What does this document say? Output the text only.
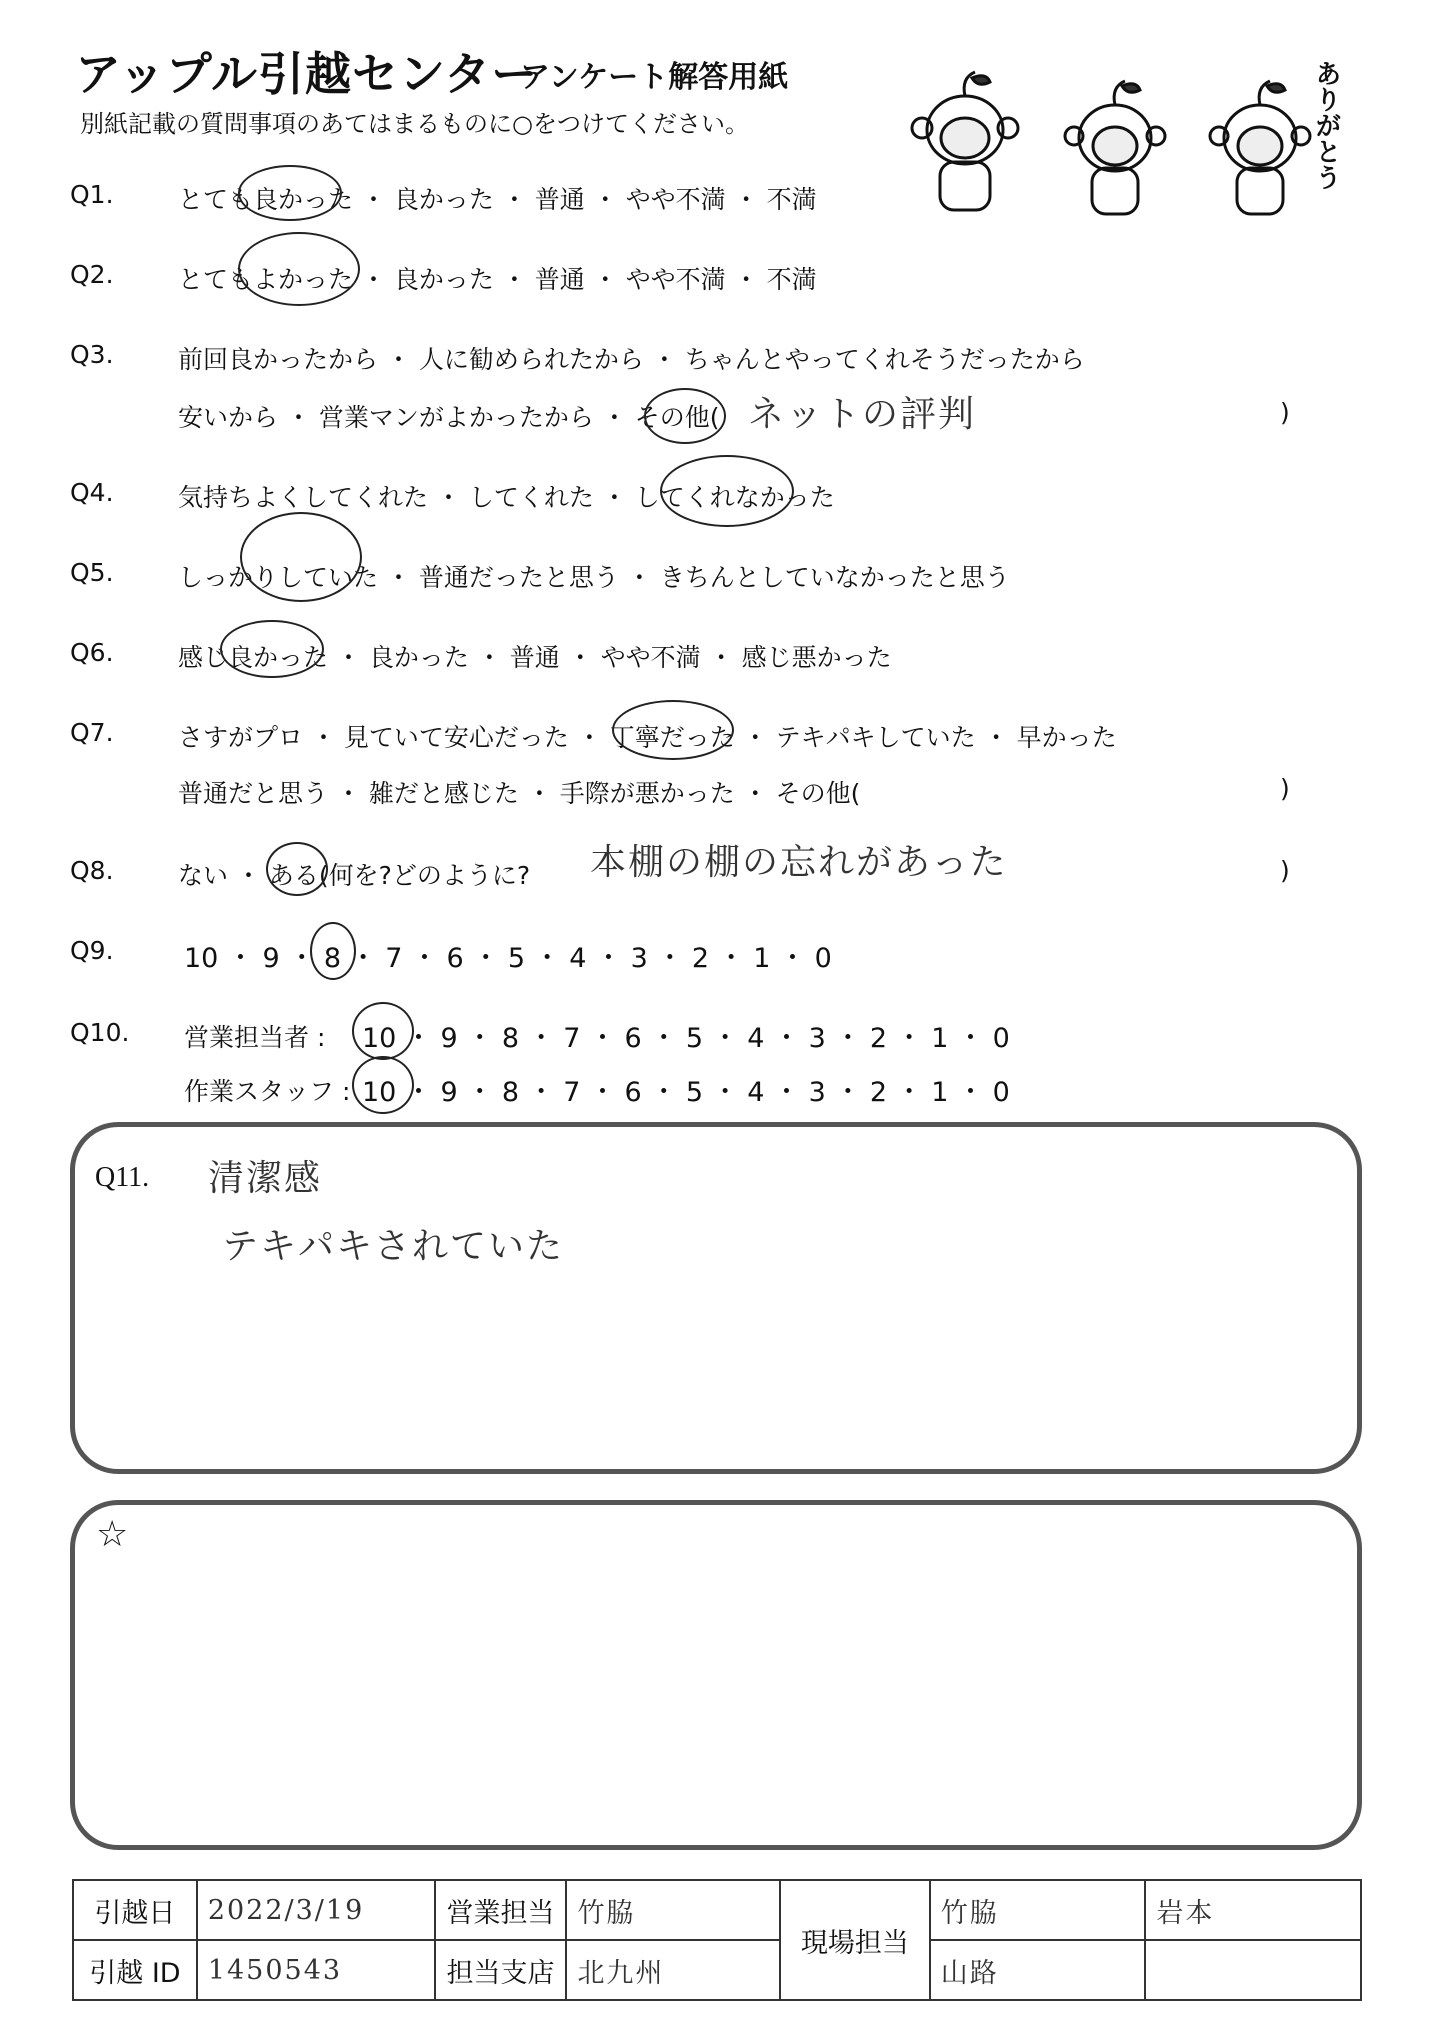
アップル引越センター
アンケート解答用紙
別紙記載の質問事項のあてはまるものに○をつけてください。	ありがとう
Q1.	とても良かった ・ 良かった ・ 普通 ・ やや不満 ・ 不満
Q2.	とてもよかった ・ 良かった ・ 普通 ・ やや不満 ・ 不満
Q3.	前回良かったから ・ 人に勧められたから ・ ちゃんとやってくれそうだったから
安いから ・ 営業マンがよかったから ・ その他( ネットの評判	)
Q4.	気持ちよくしてくれた ・ してくれた ・ してくれなかった
Q5.	しっかりしていた ・ 普通だったと思う ・ きちんとしていなかったと思う
Q6.	感じ良かった ・ 良かった ・ 普通 ・ やや不満 ・ 感じ悪かった
Q7.	さすがプロ ・ 見ていて安心だった ・ 丁寧だった ・ テキパキしていた ・ 早かった
普通だと思う ・ 雑だと感じた ・ 手際が悪かった ・ その他(	)
Q8.	ない ・ ある(何を?どのように? 本棚の棚の忘れがあった	)
Q9.	10 ・ 9 ・ 8 ・ 7 ・ 6 ・ 5 ・ 4 ・ 3 ・ 2 ・ 1 ・ 0
Q10. 営業担当者 : 10 ・ 9 ・ 8 ・ 7 ・ 6 ・ 5 ・ 4 ・ 3 ・ 2 ・ 1 ・ 0
作業スタッフ : 10 ・ 9 ・ 8 ・ 7 ・ 6 ・ 5 ・ 4 ・ 3 ・ 2 ・ 1 ・ 0
Q11. 清潔感
テキパキされていた
☆
引越日	2022/3/19	営業担当	竹脇	現場担当	竹脇	岩本
引越 ID	1450543	担当支店	北九州		山路	
